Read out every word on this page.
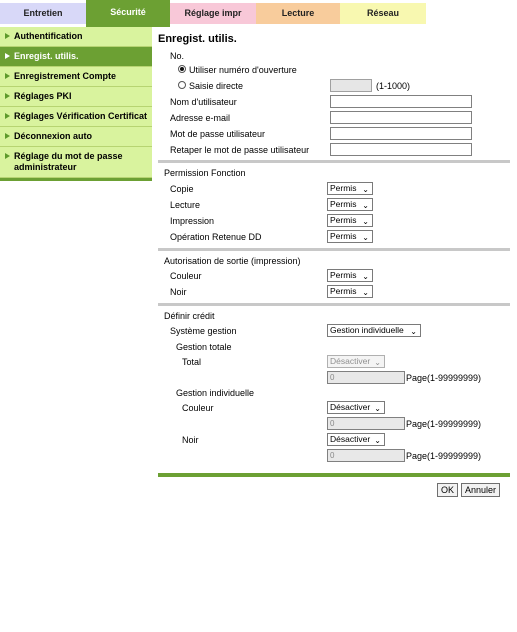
Entretien	Sécurité	Réglage impr	Lecture	Réseau
Authentification
Enregist. utilis.
Enregistrement Compte
Réglages PKI
Réglages Vérification Certificat
Déconnexion auto
Réglage du mot de passe administrateur
Enregist. utilis.
No.
Utiliser numéro d'ouverture
Saisie directe	(1-1000)
Nom d'utilisateur
Adresse e-mail
Mot de passe utilisateur
Retaper le mot de passe utilisateur
Permission Fonction
Copie	Permis ⌄
Lecture	Permis ⌄
Impression	Permis ⌄
Opération Retenue DD	Permis ⌄
Autorisation de sortie (impression)
Couleur	Permis ⌄
Noir	Permis ⌄
Définir crédit
Système gestion	Gestion individuelle ⌄
Gestion totale
Total	Désactiver ⌄
0	Page(1-99999999)
Gestion individuelle
Couleur	Désactiver ⌄
0	Page(1-99999999)
Noir	Désactiver ⌄
0	Page(1-99999999)
OK	Annuler
